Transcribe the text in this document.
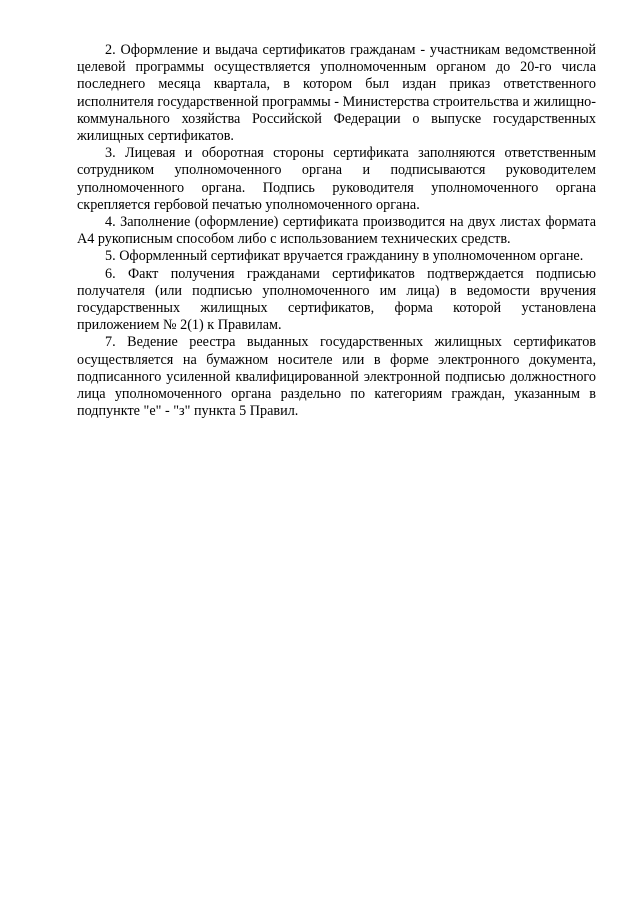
2. Оформление и выдача сертификатов гражданам - участникам ведомственной целевой программы осуществляется уполномоченным органом до 20-го числа последнего месяца квартала, в котором был издан приказ ответственного исполнителя государственной программы - Министерства строительства и жилищно-коммунального хозяйства Российской Федерации о выпуске государственных жилищных сертификатов.

3. Лицевая и оборотная стороны сертификата заполняются ответственным сотрудником уполномоченного органа и подписываются руководителем уполномоченного органа. Подпись руководителя уполномоченного органа скрепляется гербовой печатью уполномоченного органа.

4. Заполнение (оформление) сертификата производится на двух листах формата А4 рукописным способом либо с использованием технических средств.

5. Оформленный сертификат вручается гражданину в уполномоченном органе.

6. Факт получения гражданами сертификатов подтверждается подписью получателя (или подписью уполномоченного им лица) в ведомости вручения государственных жилищных сертификатов, форма которой установлена приложением № 2(1) к Правилам.

7. Ведение реестра выданных государственных жилищных сертификатов осуществляется на бумажном носителе или в форме электронного документа, подписанного усиленной квалифицированной электронной подписью должностного лица уполномоченного органа раздельно по категориям граждан, указанным в подпункте "е" - "з" пункта 5 Правил.
